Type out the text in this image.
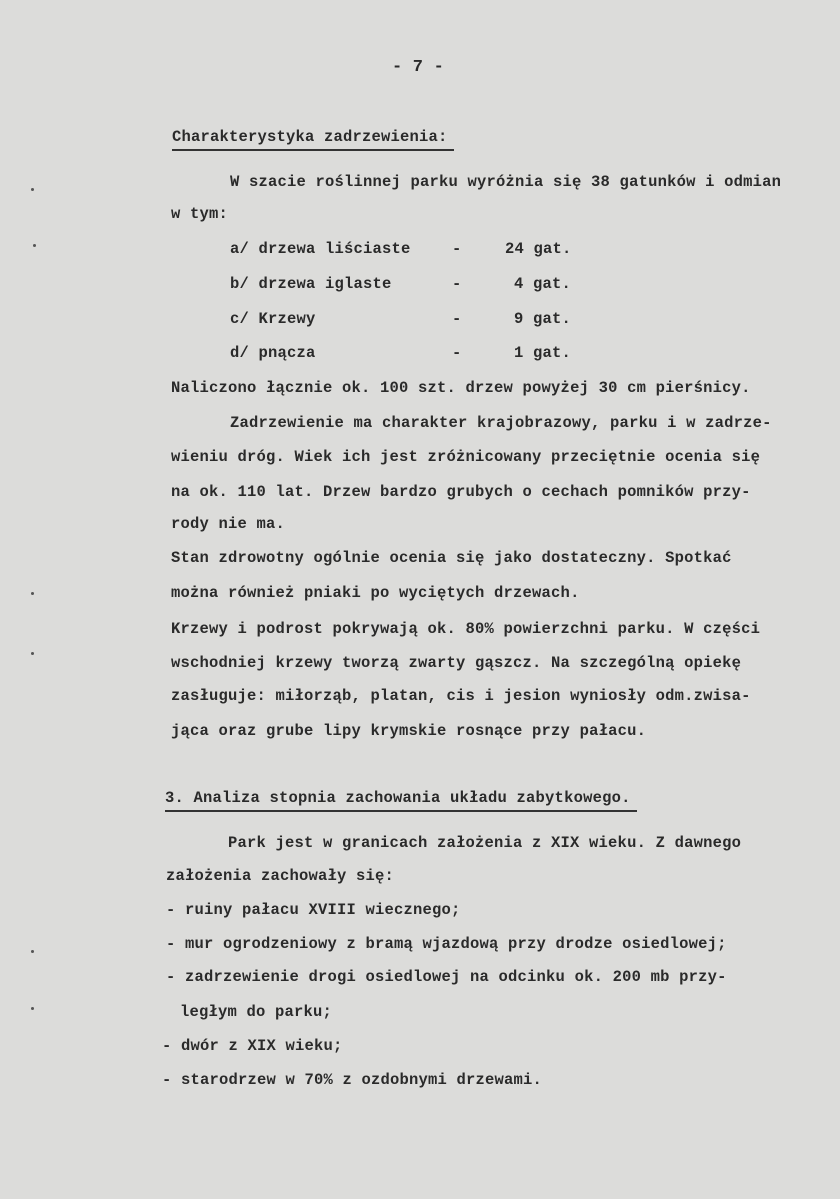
- 7 -
Charakterystyka zadrzewienia:
W szacie roślinnej parku wyróżnia się 38 gatunków i odmian
w tym:
a/ drzewa liściaste	-	24 gat.
b/ drzewa iglaste	-	4 gat.
c/ Krzewy	-	9 gat.
d/ pnącza	-	1 gat.
Naliczono łącznie ok. 100 szt. drzew powyżej 30 cm pierśnicy.
Zadrzewienie ma charakter krajobrazowy, parku i w zadrze-
wieniu dróg. Wiek ich jest zróżnicowany przeciętnie ocenia się
na ok. 110 lat. Drzew bardzo grubych o cechach pomników przy-
rody nie ma.
Stan zdrowotny ogólnie ocenia się jako dostateczny. Spotkać
można również pniaki po wyciętych drzewach.
Krzewy i podrost pokrywają ok. 80% powierzchni parku. W części
wschodniej krzewy tworzą zwarty gąszcz. Na szczególną opiekę
zasługuje: miłorząb, platan, cis i jesion wyniosły odm.zwisa-
jąca oraz grube lipy krymskie rosnące przy pałacu.
3. Analiza stopnia zachowania układu zabytkowego.
Park jest w granicach założenia z XIX wieku. Z dawnego
założenia zachowały się:
- ruiny pałacu XVIII wiecznego;
- mur ogrodzeniowy z bramą wjazdową przy drodze osiedlowej;
- zadrzewienie drogi osiedlowej na odcinku ok. 200 mb przy-
ległym do parku;
- dwór z XIX wieku;
- starodrzew w 70% z ozdobnymi drzewami.
